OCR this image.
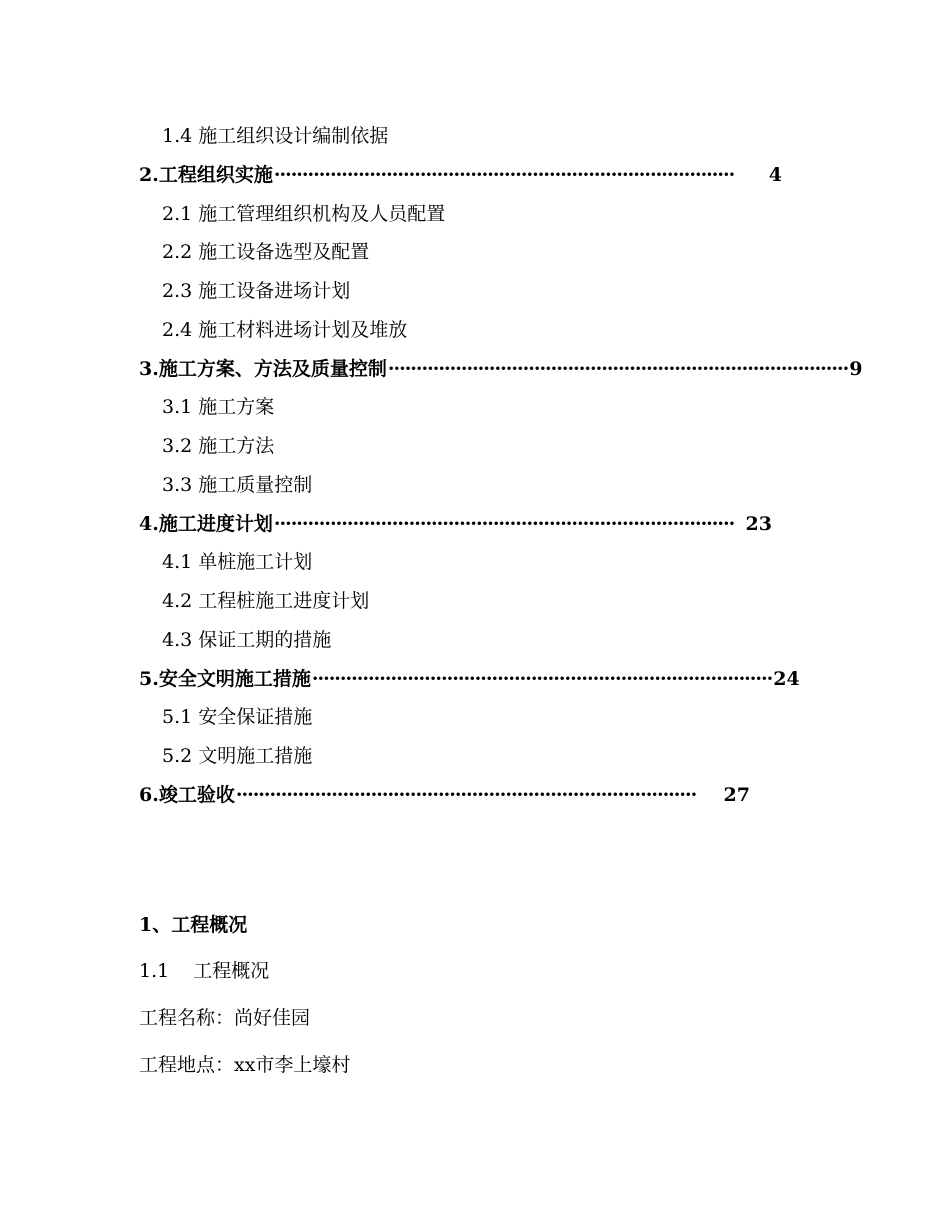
1.4 施工组织设计编制依据
2.工程组织实施 ··················································································	4
2.1 施工管理组织机构及人员配置
2.2 施工设备选型及配置
2.3 施工设备进场计划
2.4 施工材料进场计划及堆放
3.施工方案、方法及质量控制 ·················································································· 9
3.1 施工方案
3.2 施工方法
3.3 施工质量控制
4.施工进度计划 ·················································································· 23
4.1 单桩施工计划
4.2 工程桩施工进度计划
4.3 保证工期的措施
5.安全文明施工措施 ·················································································· 24
5.1 安全保证措施
5.2 文明施工措施
6.竣工验收 ··················································································	27
1、工程概况
1.1 工程概况
工程名称：尚好佳园
工程地点：xx市李上壕村
